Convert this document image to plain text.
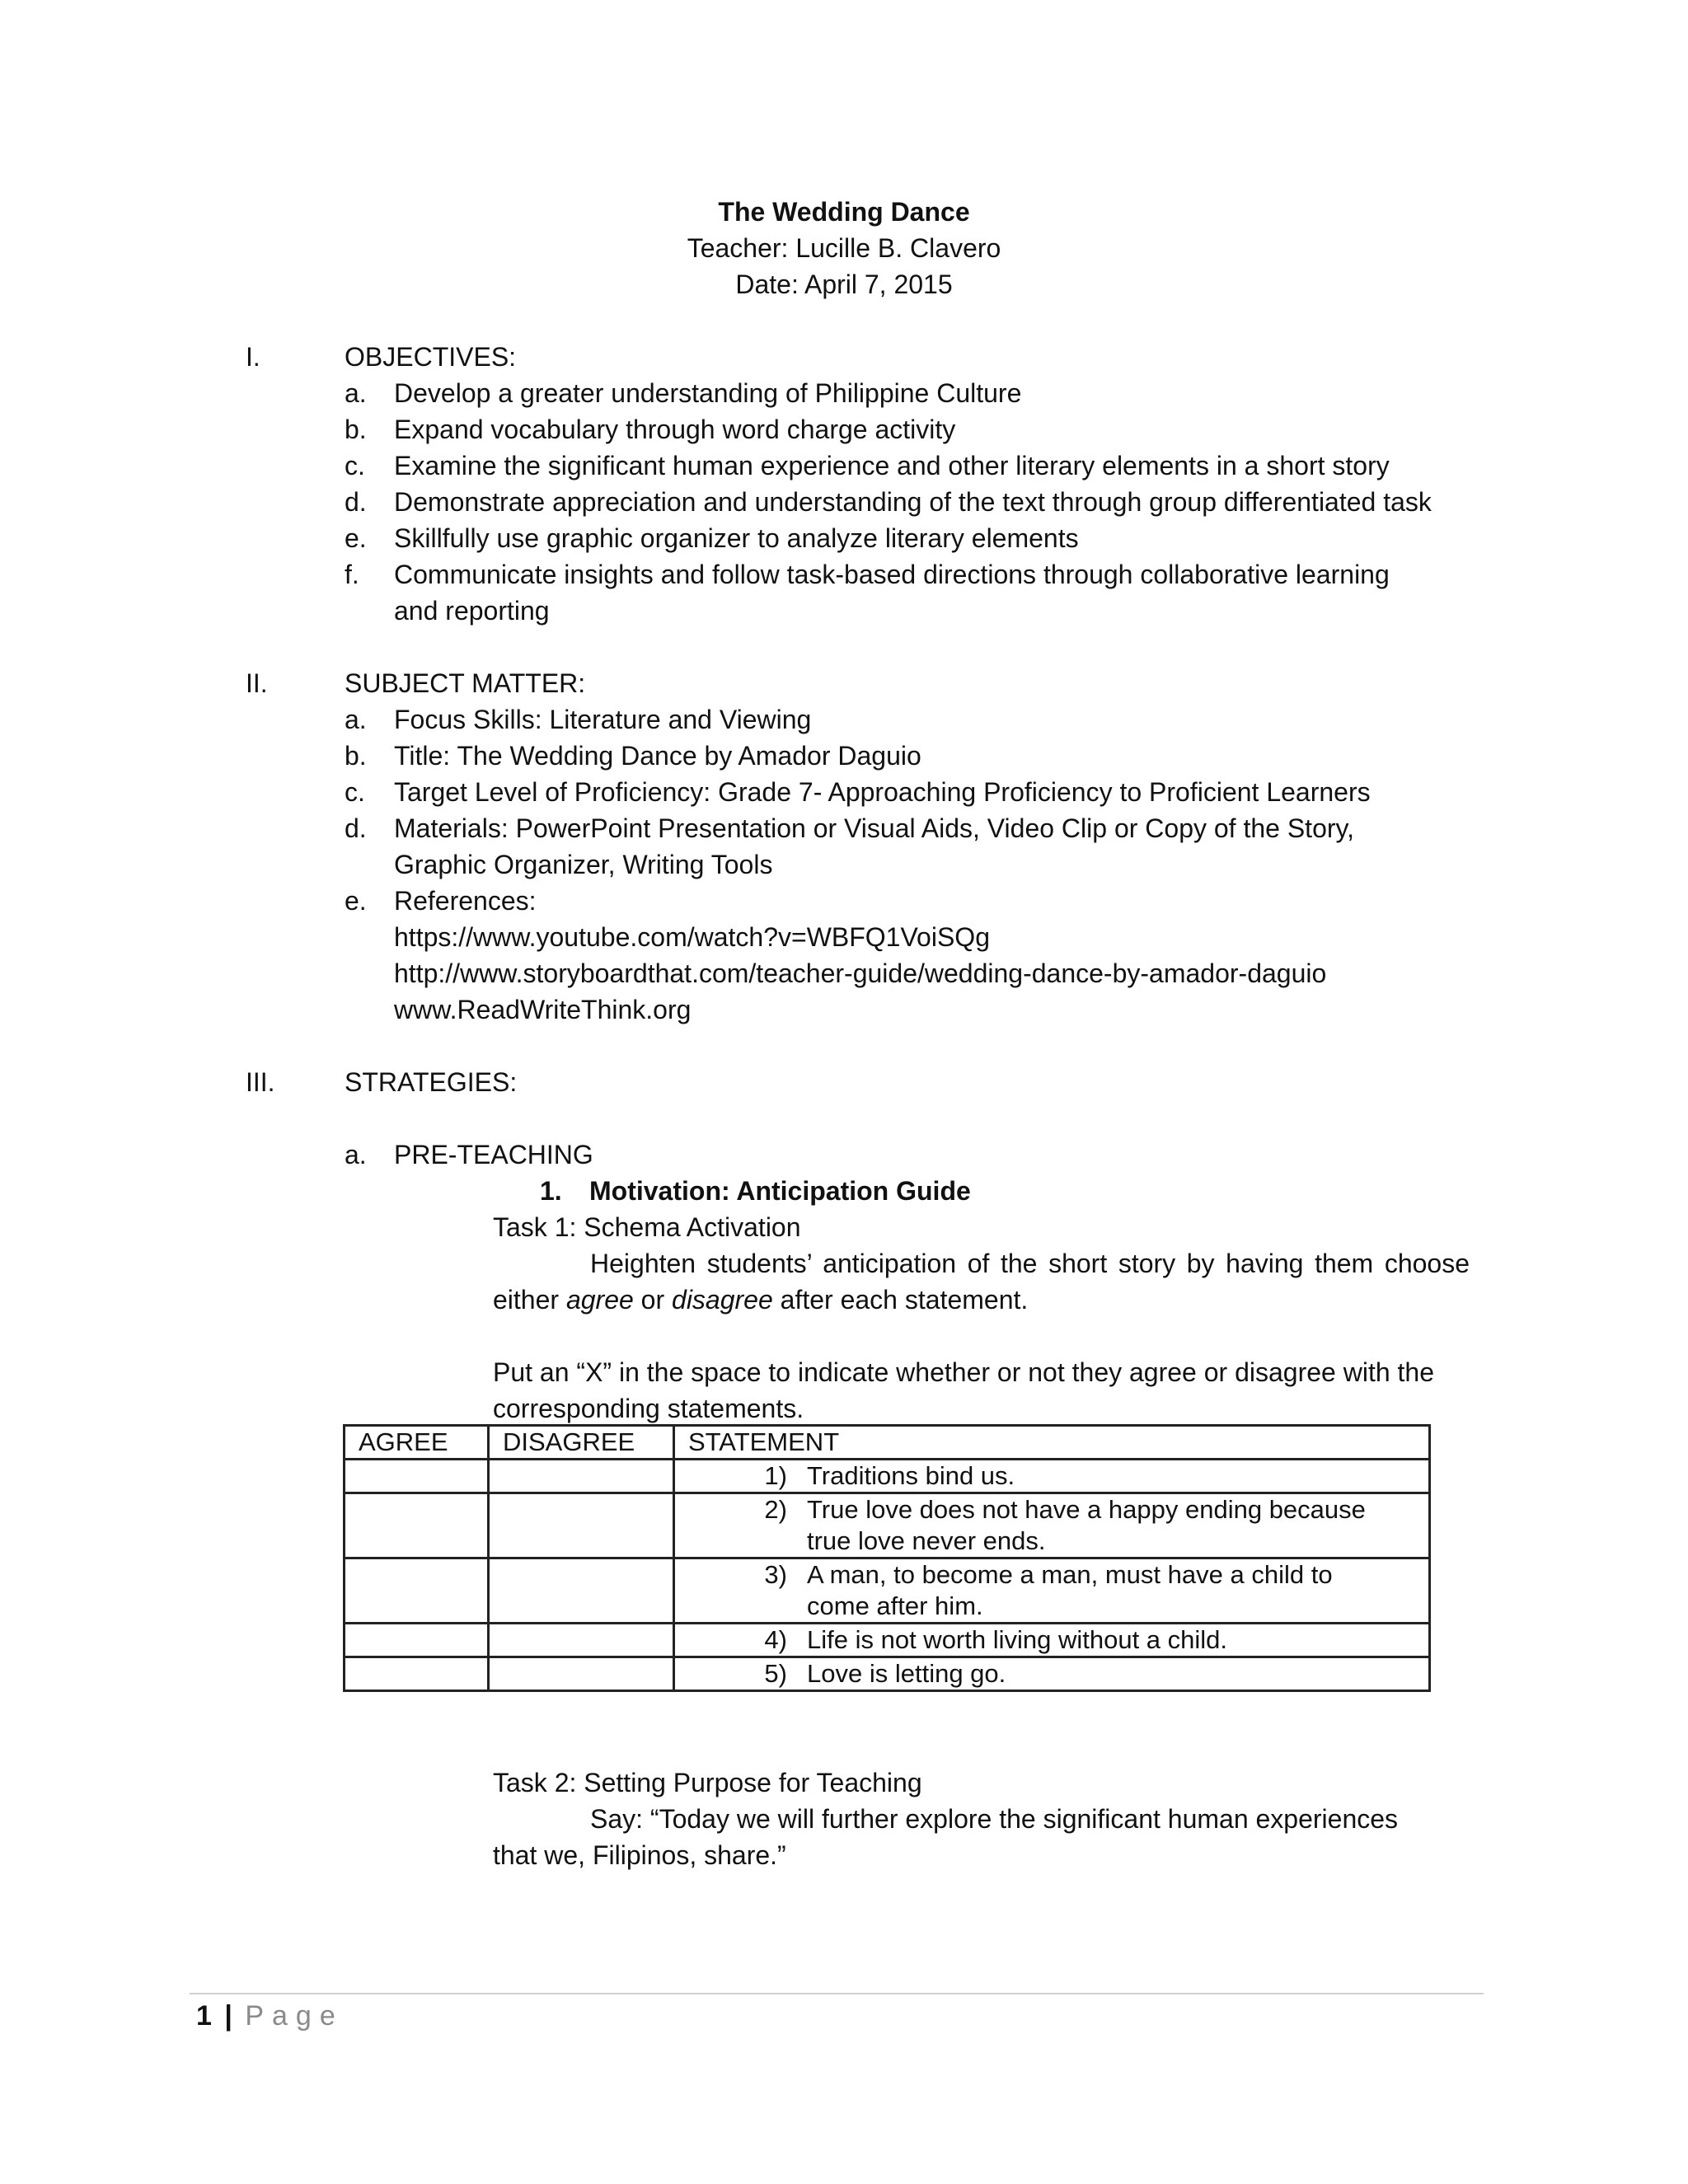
The Wedding Dance
Teacher: Lucille B. Clavero
Date: April 7, 2015
I.	OBJECTIVES:
a. Develop a greater understanding of Philippine Culture
b. Expand vocabulary through word charge activity
c. Examine the significant human experience and other literary elements in a short story
d. Demonstrate appreciation and understanding of the text through group differentiated task
e. Skillfully use graphic organizer to analyze literary elements
f. Communicate insights and follow task-based directions through collaborative learning
and reporting
II.	SUBJECT MATTER:
a. Focus Skills: Literature and Viewing
b. Title: The Wedding Dance by Amador Daguio
c. Target Level of Proficiency: Grade 7- Approaching Proficiency to Proficient Learners
d. Materials: PowerPoint Presentation or Visual Aids, Video Clip or Copy of the Story,
Graphic Organizer, Writing Tools
e. References:
https://www.youtube.com/watch?v=WBFQ1VoiSQg
http://www.storyboardthat.com/teacher-guide/wedding-dance-by-amador-daguio
www.ReadWriteThink.org
III.	STRATEGIES:
a. PRE-TEACHING
1. Motivation: Anticipation Guide
Task 1: Schema Activation
Heighten students’ anticipation of the short story by having them choose either agree or disagree after each statement.
Put an “X” in the space to indicate whether or not they agree or disagree with the corresponding statements.
AGREE	DISAGREE	STATEMENT

		1) Traditions bind us.

		2) True love does not have a happy ending because true love never ends.

		3) A man, to become a man, must have a child to come after him.

		4) Life is not worth living without a child.

		5) Love is letting go.
Task 2: Setting Purpose for Teaching
Say: “Today we will further explore the significant human experiences that we, Filipinos, share.”
1 | Page
